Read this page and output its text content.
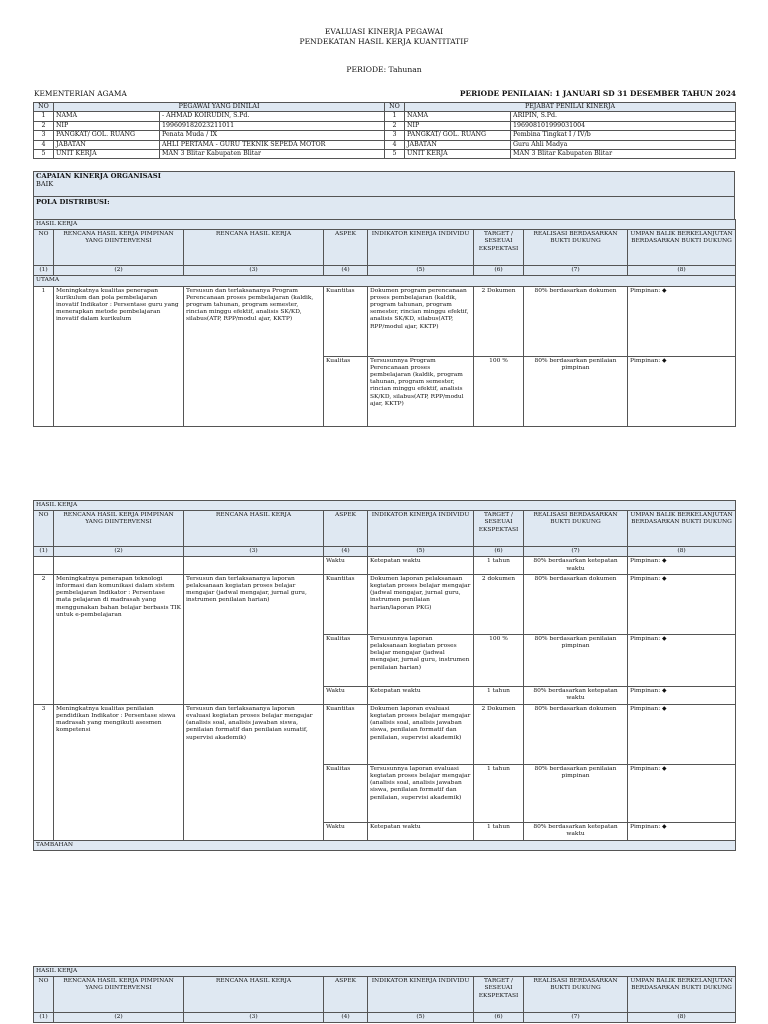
EVALUASI KINERJA PEGAWAI
PENDEKATAN HASIL KERJA KUANTITATIF
PERIODE: Tahunan
KEMENTERIAN AGAMA	PERIODE PENILAIAN: 1 JANUARI SD 31 DESEMBER TAHUN 2024
NO	PEGAWAI YANG DINILAI		NO	PEJABAT PENILAI KINERJA	
1	NAMA	- AHMAD KOIRUDIN, S.Pd.	1	NAMA	ARIPIN, S.Pd.
2	NIP	199609182023211011	2	NIP	196908101999031004
3	PANGKAT/ GOL. RUANG	Penata Muda / IX	3	PANGKAT/ GOL. RUANG	Pembina Tingkat I / IV/b
4	JABATAN	AHLI PERTAMA - GURU TEKNIK SEPEDA MOTOR	4	JABATAN	Guru Ahli Madya
5	UNIT KERJA	MAN 3 Blitar Kabupaten Blitar	5	UNIT KERJA	MAN 3 Blitar Kabupaten Blitar
CAPAIAN KINERJA ORGANISASI
BAIK
POLA DISTRIBUSI:
HASIL KERJA							
NO	RENCANA HASIL KERJA PIMPINAN YANG DIINTERVENSI	RENCANA HASIL KERJA	ASPEK	INDIKATOR KINERJA INDIVIDU	TARGET / SESEUAI EKSPEKTASI	REALISASI BERDASARKAN BUKTI DUKUNG	UMPAN BALIK BERKELANJUTAN BERDASARKAN BUKTI DUKUNG
(1)	(2)	(3)	(4)	(5)	(6)	(7)	(8)
UTAMA							
1	Meningkatnya kualitas penerapan kurikulum dan pola pembelajaran inovatif Indikator : Persentase guru yang menerapkan metode pembelajaran inovatif dalam kurikulum	Tersusun dan terlaksananya Program Perencanaan proses pembelajaran (kaldik, program tahunan, program semester, rincian minggu efektif, analisis SK/KD, silabus(ATP, RPP/modul ajar, KKTP)	Kuantitas	Dokumen program perencanaan proses pembelajaran (kaldik, program tahunan, program semester, rincian minggu efektif, analisis SK/KD, silabus(ATP, RPP/modul ajar, KKTP)	2 Dokumen	80% berdasarkan dokumen	Pimpinan: ◆
			Kualitas	Tersusunnya Program Perencanaan proses pembelajaran (kaldik, program tahunan, program semester, rincian minggu efektif, analisis SK/KD, silabus(ATP, RPP/modul ajar, KKTP)	100 %	80% berdasarkan penilaian pimpinan	Pimpinan: ◆
HASIL KERJA							
NO	RENCANA HASIL KERJA PIMPINAN YANG DIINTERVENSI	RENCANA HASIL KERJA	ASPEK	INDIKATOR KINERJA INDIVIDU	TARGET / SESEUAI EKSPEKTASI	REALISASI BERDASARKAN BUKTI DUKUNG	UMPAN BALIK BERKELANJUTAN BERDASARKAN BUKTI DUKUNG
(1)	(2)	(3)	(4)	(5)	(6)	(7)	(8)
			Waktu	Ketepatan waktu	1 tahun	80% berdasarkan ketepatan waktu	Pimpinan: ◆
2	Meningkatnya penerapan teknologi informasi dan komunikasi dalam sistem pembelajaran Indikator : Persentase mata pelajaran di madrasah yang menggunakan bahan belajar berbasis TIK untuk e-pembelajaran	Tersusun dan terlaksananya laporan pelaksanaan kegiatan proses belajar mengajar (jadwal mengajar, jurnal guru, instrumen penilaian harian)	Kuantitas	Dokumen laporan pelaksanaan kegiatan proses belajar mengajar (jadwal mengajar, jurnal guru, instrumen penilaian harian/laporan PKG)	2 dokumen	80% berdasarkan dokumen	Pimpinan: ◆
			Kualitas	Tersusunnya laporan pelaksanaan kegiatan proses belajar mengajar (jadwal mengajar, jurnal guru, instrumen penilaian harian)	100 %	80% berdasarkan penilaian pimpinan	Pimpinan: ◆
			Waktu	Ketepatan waktu	1 tahun	80% berdasarkan ketepatan waktu	Pimpinan: ◆
3	Meningkatnya kualitas penilaian pendidikan Indikator : Persentase siswa madrasah yang mengikuti asesmen kompetensi	Tersusun dan terlaksananya laporan evaluasi kegiatan proses belajar mengajar (analisis soal, analisis jawaban siswa, penilaian formatif dan penilaian sumatif, supervisi akademik)	Kuantitas	Dokumen laporan evaluasi kegiatan proses belajar mengajar (analisis soal, analisis jawaban siswa, penilaian formatif dan penilaian, supervisi akademik)	2 Dokumen	80% berdasarkan dokumen	Pimpinan: ◆
			Kualitas	Tersusunnya laporan evaluasi kegiatan proses belajar mengajar (analisis soal, analisis jawaban siswa, penilaian formatif dan penilaian, supervisi akademik)	1 tahun	80% berdasarkan penilaian pimpinan	Pimpinan: ◆
			Waktu	Ketepatan waktu	1 tahun	80% berdasarkan ketepatan waktu	Pimpinan: ◆
TAMBAHAN							
HASIL KERJA							
NO	RENCANA HASIL KERJA PIMPINAN YANG DIINTERVENSI	RENCANA HASIL KERJA	ASPEK	INDIKATOR KINERJA INDIVIDU	TARGET / SESEUAI EKSPEKTASI	REALISASI BERDASARKAN BUKTI DUKUNG	UMPAN BALIK BERKELANJUTAN BERDASARKAN BUKTI DUKUNG
(1)	(2)	(3)	(4)	(5)	(6)	(7)	(8)
